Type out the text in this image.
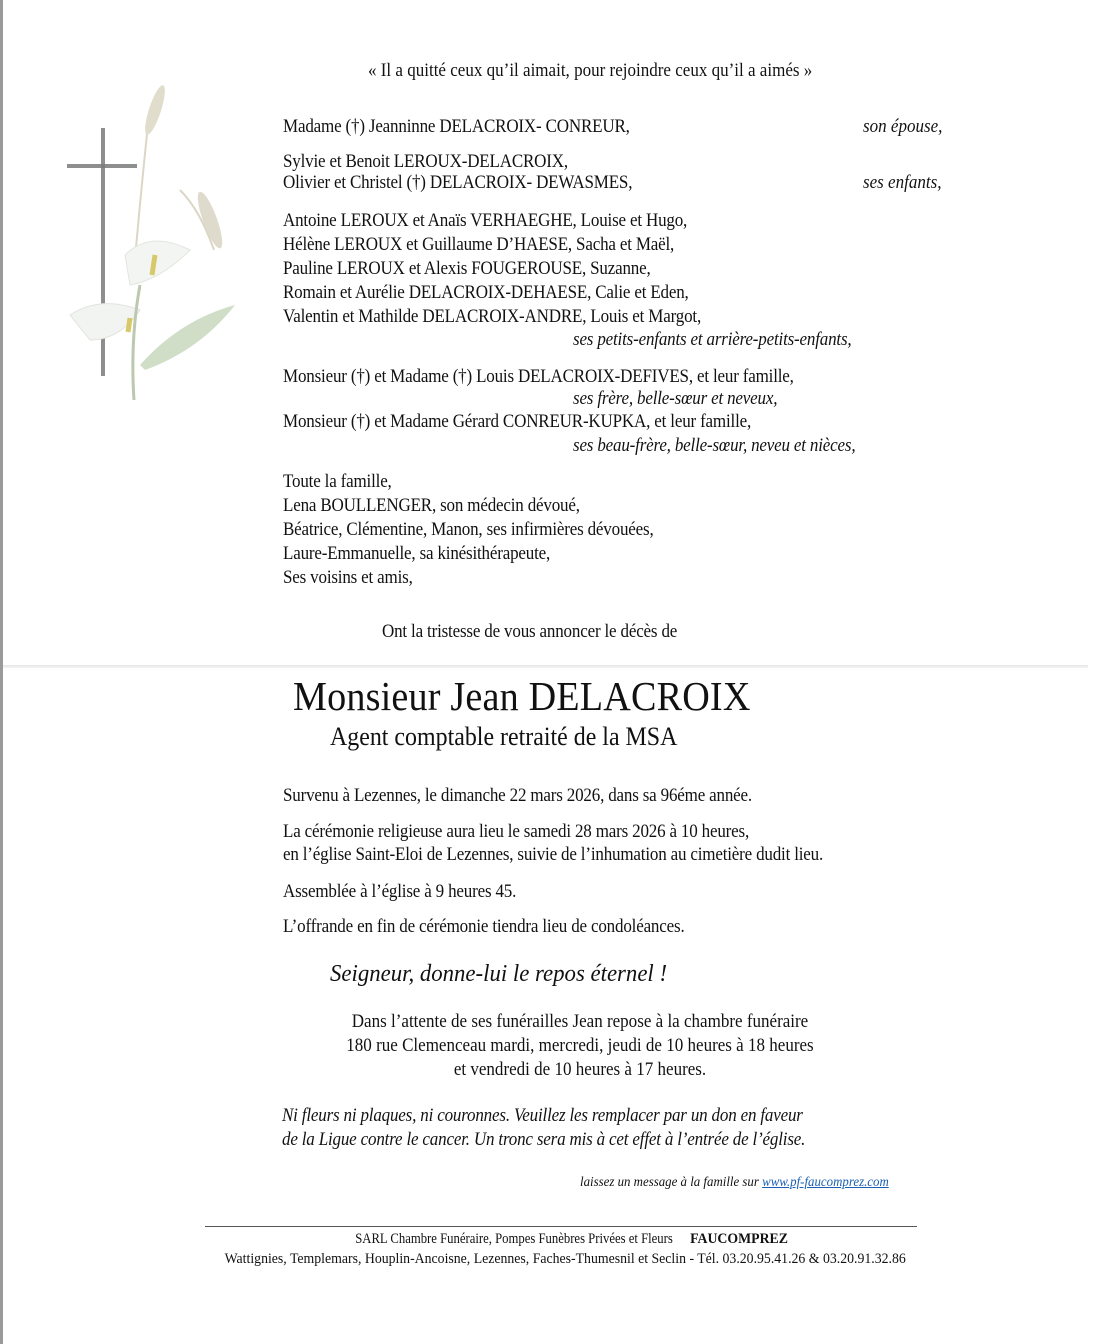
« Il a quitté ceux qu’il aimait, pour rejoindre ceux qu’il a aimés »
Madame (†) Jeanninne DELACROIX- CONREUR,	son épouse,
Sylvie et Benoit LEROUX-DELACROIX,
Olivier et Christel (†) DELACROIX- DEWASMES,	ses enfants,
Antoine LEROUX et Anaïs VERHAEGHE, Louise et Hugo,
Hélène LEROUX et Guillaume D’HAESE, Sacha et Maël,
Pauline LEROUX et Alexis FOUGEROUSE, Suzanne,
Romain et Aurélie DELACROIX-DEHAESE, Calie et Eden,
Valentin et Mathilde DELACROIX-ANDRE, Louis et Margot,
ses petits-enfants et arrière-petits-enfants,
Monsieur (†) et Madame (†) Louis DELACROIX-DEFIVES, et leur famille,
ses frère, belle-sœur et neveux,
Monsieur (†) et Madame Gérard CONREUR-KUPKA, et leur famille,
ses beau-frère, belle-sœur, neveu et nièces,
Toute la famille,
Lena BOULLENGER, son médecin dévoué,
Béatrice, Clémentine, Manon, ses infirmières dévouées,
Laure-Emmanuelle, sa kinésithérapeute,
Ses voisins et amis,
Ont la tristesse de vous annoncer le décès de
Monsieur Jean DELACROIX
Agent comptable retraité de la MSA
Survenu à Lezennes, le dimanche 22 mars 2026, dans sa 96éme année.
La cérémonie religieuse aura lieu le samedi 28 mars 2026 à 10 heures,
en l’église Saint-Eloi de Lezennes, suivie de l’inhumation au cimetière dudit lieu.
Assemblée à l’église à 9 heures 45.
L’offrande en fin de cérémonie tiendra lieu de condoléances.
Seigneur, donne-lui le repos éternel !
Dans l’attente de ses funérailles Jean repose à la chambre funéraire
180 rue Clemenceau mardi, mercredi, jeudi de 10 heures à 18 heures
et vendredi de 10 heures à 17 heures.
Ni fleurs ni plaques, ni couronnes. Veuillez les remplacer par un don en faveur
de la Ligue contre le cancer. Un tronc sera mis à cet effet à l’entrée de l’église.
laissez un message à la famille sur www.pf-faucomprez.com
SARL Chambre Funéraire, Pompes Funèbres Privées et Fleurs FAUCOMPREZ
Wattignies, Templemars, Houplin-Ancoisne, Lezennes, Faches-Thumesnil et Seclin - Tél. 03.20.95.41.26 & 03.20.91.32.86
